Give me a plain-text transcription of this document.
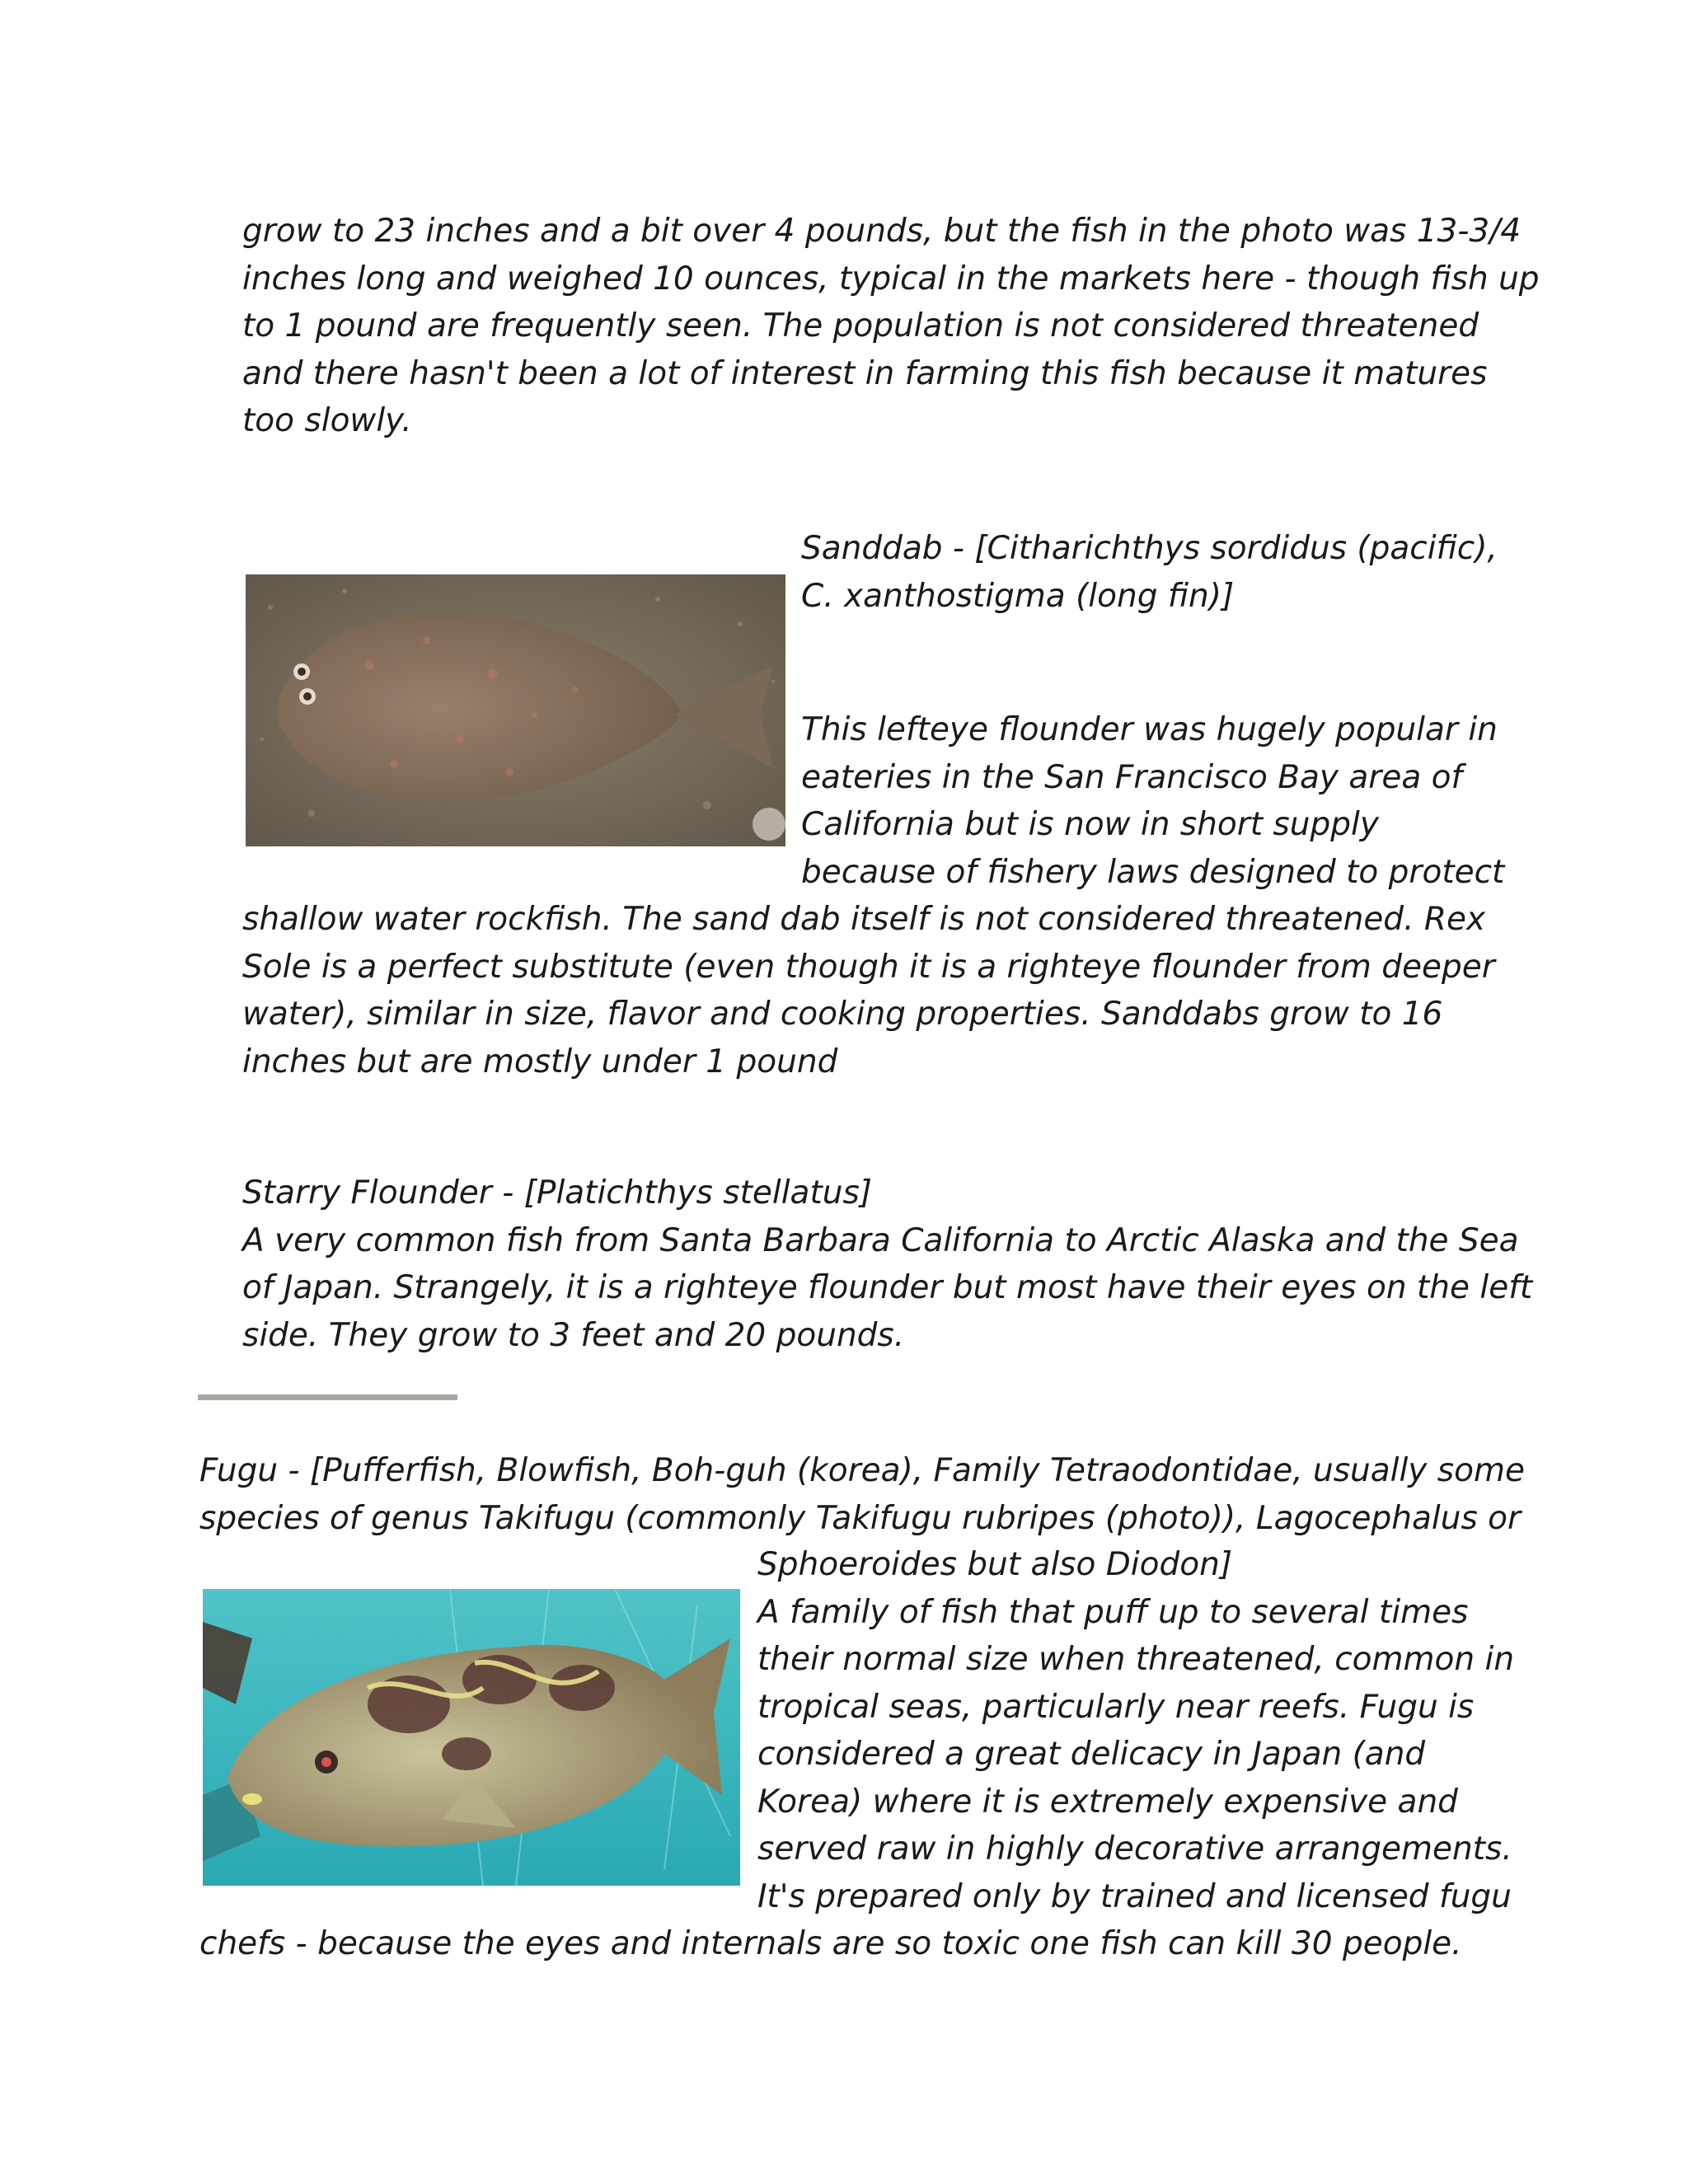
grow to 23 inches and a bit over 4 pounds, but the fish in the photo was 13-3/4
inches long and weighed 10 ounces, typical in the markets here - though fish up
to 1 pound are frequently seen. The population is not considered threatened
and there hasn't been a lot of interest in farming this fish because it matures
too slowly.
Sanddab - [Citharichthys sordidus (pacific),
C. xanthostigma (long fin)]
This lefteye flounder was hugely popular in
eateries in the San Francisco Bay area of
California but is now in short supply
because of fishery laws designed to protect
shallow water rockfish. The sand dab itself is not considered threatened. Rex
Sole is a perfect substitute (even though it is a righteye flounder from deeper
water), similar in size, flavor and cooking properties. Sanddabs grow to 16
inches but are mostly under 1 pound
Starry Flounder - [Platichthys stellatus]
A very common fish from Santa Barbara California to Arctic Alaska and the Sea
of Japan. Strangely, it is a righteye flounder but most have their eyes on the left
side. They grow to 3 feet and 20 pounds.
Fugu - [Pufferfish, Blowfish, Boh-guh (korea), Family Tetraodontidae, usually some
species of genus Takifugu (commonly Takifugu rubripes (photo)), Lagocephalus or
Sphoeroides but also Diodon]
A family of fish that puff up to several times
their normal size when threatened, common in
tropical seas, particularly near reefs. Fugu is
considered a great delicacy in Japan (and
Korea) where it is extremely expensive and
served raw in highly decorative arrangements.
It's prepared only by trained and licensed fugu
chefs - because the eyes and internals are so toxic one fish can kill 30 people.
